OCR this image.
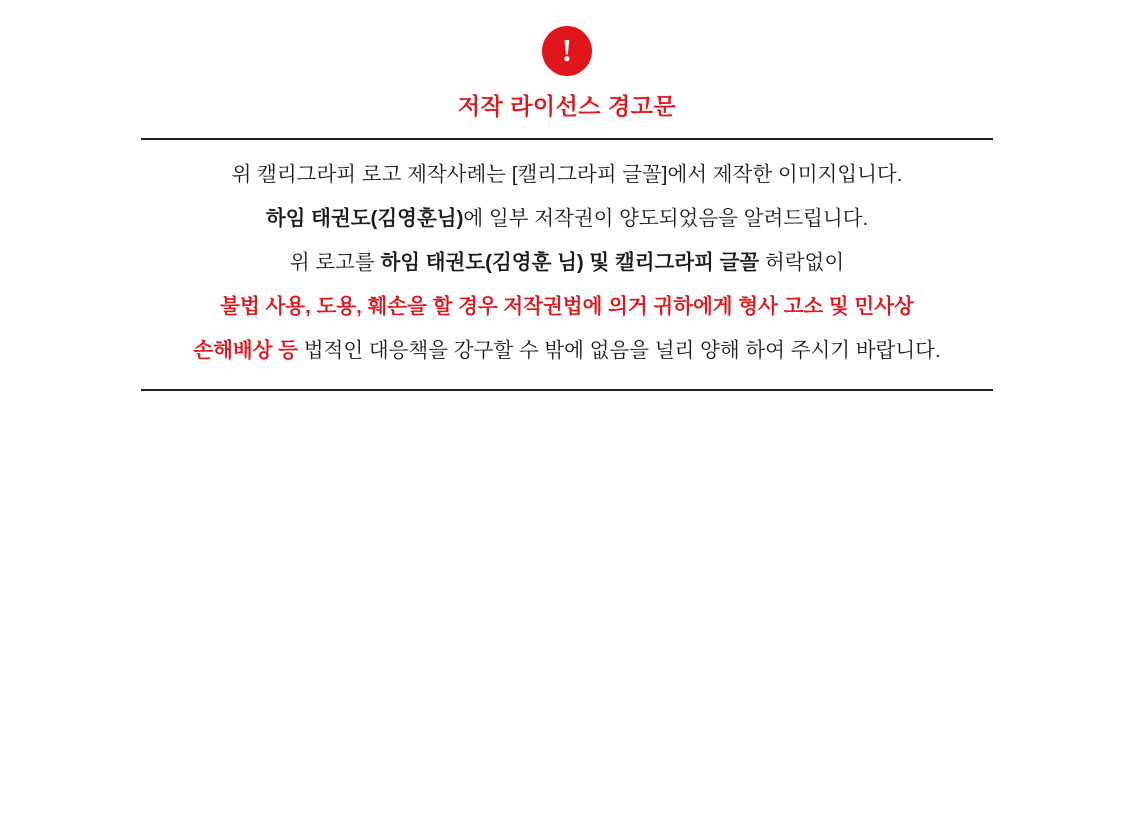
!
저작 라이선스 경고문
위 캘리그라피 로고 제작사례는 [캘리그라피 글꼴]에서 제작한 이미지입니다.
하임 태권도(김영훈님)에 일부 저작권이 양도되었음을 알려드립니다.
위 로고를 하임 태권도(김영훈 님) 및 캘리그라피 글꼴 허락없이
불법 사용, 도용, 훼손을 할 경우 저작권법에 의거 귀하에게 형사 고소 및 민사상
손해배상 등 법적인 대응책을 강구할 수 밖에 없음을 널리 양해 하여 주시기 바랍니다.
